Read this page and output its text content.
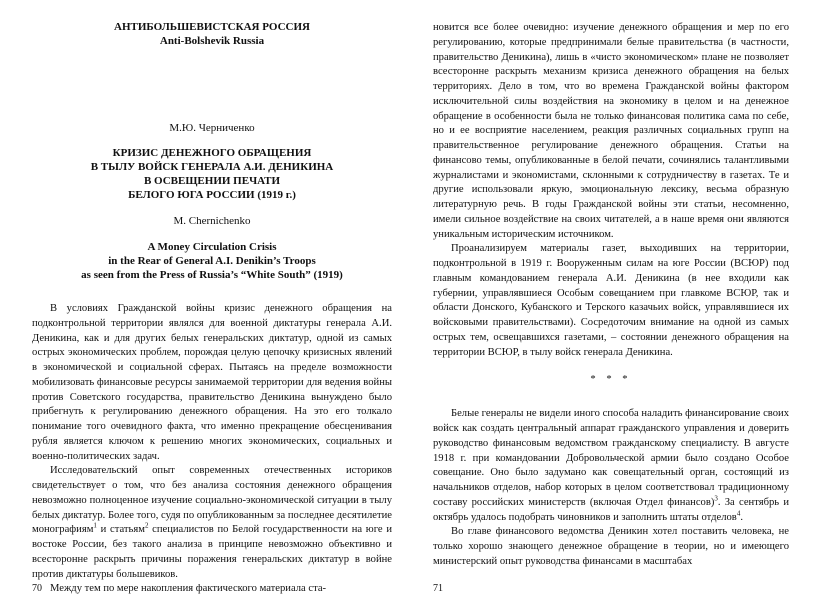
АНТИБОЛЬШЕВИСТСКАЯ РОССИЯ
Anti-Bolshevik Russia
М.Ю. Черниченко
КРИЗИС ДЕНЕЖНОГО ОБРАЩЕНИЯ
В ТЫЛУ ВОЙСК ГЕНЕРАЛА А.И. ДЕНИКИНА
В ОСВЕЩЕНИИ ПЕЧАТИ
БЕЛОГО ЮГА РОССИИ (1919 г.)
M. Chernichenko
A Money Circulation Crisis
in the Rear of General A.I. Denikin’s Troops
as seen from the Press of Russia’s “White South” (1919)

В условиях Гражданской войны кризис денежного обращения на подконтрольной территории являлся для военной диктатуры генерала А.И. Деникина, как и для других белых генеральских диктатур, одной из самых острых экономических проблем, порождая целую цепочку кризисных явлений в экономической и социальной сферах. Пытаясь на пределе возможности мобилизовать финансовые ресурсы занимаемой территории для ведения войны против Советского государства, правительство Деникина вынуждено было прибегнуть к регулированию денежного обращения. На это его толкало понимание того очевидного факта, что именно прекращение обесценивания рубля является ключом к решению многих экономических, социальных и военно-политических задач.

Исследовательский опыт современных отечественных историков свидетельствует о том, что без анализа состояния денежного обращения невозможно полноценное изучение социально-экономической ситуации в тылу белых диктатур. Более того, судя по опубликованным за последнее десятилетие монографиям$^1$ и статьям$^2$ специалистов по Белой государственности на юге и востоке России, без такого анализа в принципе невозможно объективно и всесторонне раскрыть причины поражения генеральских диктатур в войне против диктатуры большевиков.

Между тем по мере накопления фактического материала ста-

70

новится все более очевидно: изучение денежного обращения и мер по его регулированию, которые предпринимали белые правительства (в частности, правительство Деникина), лишь в «чисто экономическом» плане не позволяет всесторонне раскрыть механизм кризиса денежного обращения на белых территориях. Дело в том, что во времена Гражданской войны фактором исключительной силы воздействия на экономику в целом и на денежное обращение в особенности была не только финансовая политика сама по себе, но и ее восприятие населением, реакция различных социальных групп на правительственное регулирование денежного обращения. Статьи на финансово темы, опубликованные в белой печати, сочинялись талантливыми журналистами и экономистами, склонными к сотрудничеству в газетах. Те и другие использовали яркую, эмоциональную лексику, весьма образную литературную речь. В годы Гражданской войны эти статьи, несомненно, имели сильное воздействие на своих читателей, а в наше время они являются уникальным историческим источником.

Проанализируем материалы газет, выходивших на территории, подконтрольной в 1919 г. Вооруженным силам на юге России (ВСЮР) под главным командованием генерала А.И. Деникина (в нее входили как губернии, управлявшиеся Особым совещанием при главкоме ВСЮР, так и области Донского, Кубанского и Терского казачьих войск, управлявшиеся их войсковыми правительствами). Сосредоточим внимание на одной из самых острых тем, освещавшихся газетами, – состоянии денежного обращения на территории ВСЮР, в тылу войск генерала Деникина.

* * *

Белые генералы не видели иного способа наладить финансирование своих войск как создать центральный аппарат гражданского управления и доверить руководство финансовым ведомством гражданскому специалисту. В августе 1918 г. при командовании Добровольческой армии было создано Особое совещание. Оно было задумано как совещательный орган, состоящий из начальников отделов, набор которых в целом соответствовал традиционному составу российских министерств (включая Отдел финансов)$^3$. За сентябрь и октябрь удалось подобрать чиновников и заполнить штаты отделов$^4$.

Во главе финансового ведомства Деникин хотел поставить человека, не только хорошо знающего денежное обращение в теории, но и имеющего министерский опыт руководства финансами в масштабах

71
